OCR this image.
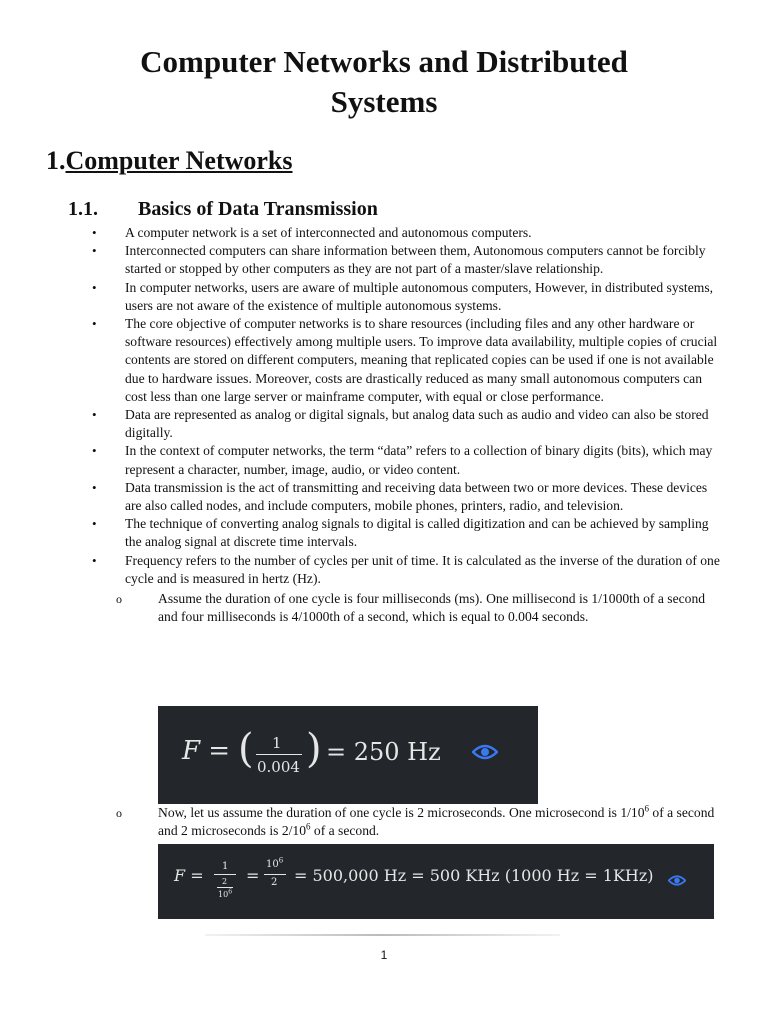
Computer Networks and Distributed
Systems
1.Computer Networks
1.1. Basics of Data Transmission
• A computer network is a set of interconnected and autonomous computers.
• Interconnected computers can share information between them, Autonomous computers cannot be forcibly started or stopped by other computers as they are not part of a master/slave relationship.
• In computer networks, users are aware of multiple autonomous computers, However, in distributed systems, users are not aware of the existence of multiple autonomous systems.
• The core objective of computer networks is to share resources (including files and any other hardware or software resources) effectively among multiple users. To improve data availability, multiple copies of crucial contents are stored on different computers, meaning that replicated copies can be used if one is not available due to hardware issues. Moreover, costs are drastically reduced as many small autonomous computers can cost less than one large server or mainframe computer, with equal or close performance.
• Data are represented as analog or digital signals, but analog data such as audio and video can also be stored digitally.
• In the context of computer networks, the term “data” refers to a collection of binary digits (bits), which may represent a character, number, image, audio, or video content.
• Data transmission is the act of transmitting and receiving data between two or more devices. These devices are also called nodes, and include computers, mobile phones, printers, radio, and television.
• The technique of converting analog signals to digital is called digitization and can be achieved by sampling the analog signal at discrete time intervals.
• Frequency refers to the number of cycles per unit of time. It is calculated as the inverse of the duration of one cycle and is measured in hertz (Hz).
o Assume the duration of one cycle is four milliseconds (ms). One millisecond is 1/1000th of a second and four milliseconds is 4/1000th of a second, which is equal to 0.004 seconds.
F = ( 1
0.004 ) = 250 Hz
o Now, let us assume the duration of one cycle is 2 microseconds. One microsecond is $1/10^6$ of a second and 2 microseconds is $2/10^6$ of a second.
F = 1
2
$10^6$
=
$10^6$
2 = 500,000 Hz = 500 KHz (1000 Hz = 1KHz)
1
